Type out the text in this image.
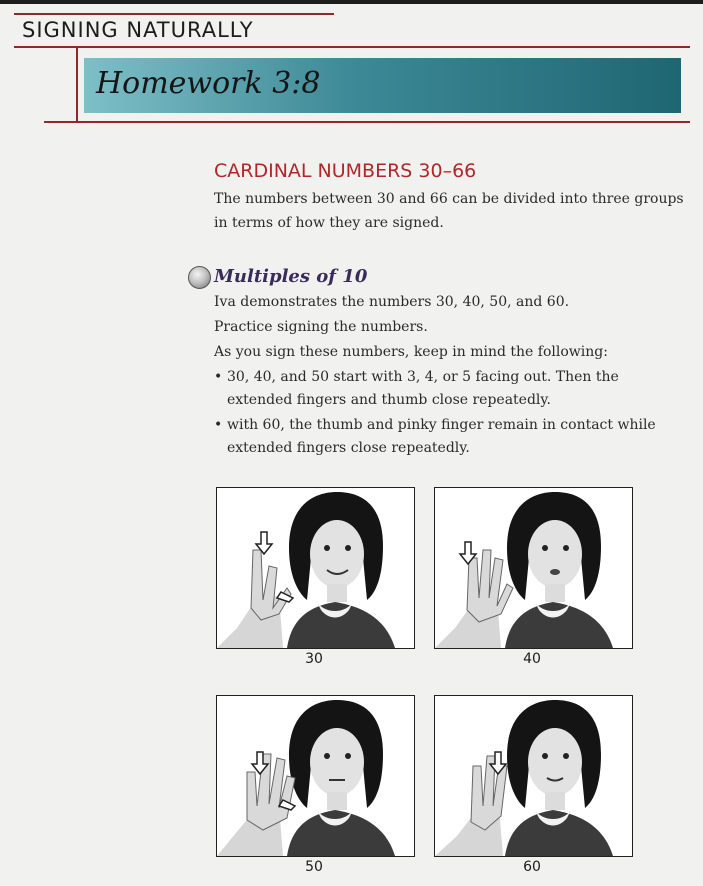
SIGNING NATURALLY
Homework 3:8
CARDINAL NUMBERS 30–66
The numbers between 30 and 66 can be divided into three groups
in terms of how they are signed.
Multiples of 10
Iva demonstrates the numbers 30, 40, 50, and 60.
Practice signing the numbers.
As you sign these numbers, keep in mind the following:
• 30, 40, and 50 start with 3, 4, or 5 facing out. Then the
extended fingers and thumb close repeatedly.
• with 60, the thumb and pinky finger remain in contact while
extended fingers close repeatedly.
30	40
50	60
